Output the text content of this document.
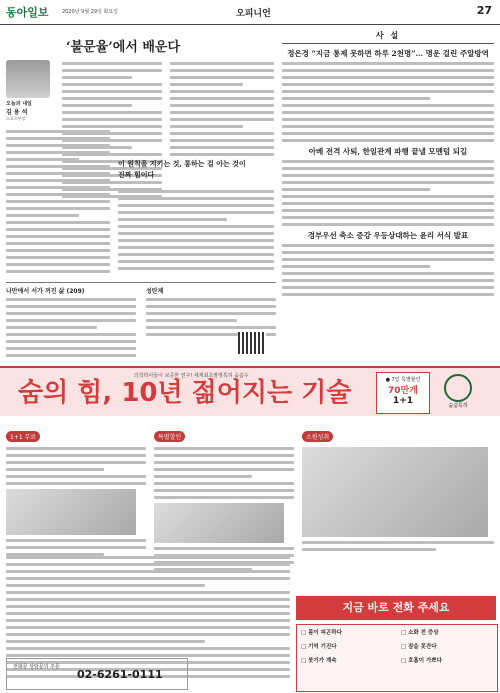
동아일보	2020년 9월 29일 화요일	오피니언	27
‘불문율’에서 배운다
오늘과 내일
김 용 석
스포츠부장
이 원칙을 지키는 것, 통하는 걸 아는 것이 진짜 힘이다
사 설
정은경 “지금 통제 못하면 하루 2천명”… 명운 걸린 주말방역
아베 전격 사퇴, 한일관계 파행 끝낼 모멘텀 되길
경부우선 축소 증강 우등상대하는 윤리 서식 발표
나만에서 서가 꺼진 삶 (209)	성탄제
숨의 힘, 10년 젊어지는 기술
의학박사들이 보증한 연구! 세계최초발명특허 숨쉼수
● 7일 특별할인
70만개
1+1	숨쉼특허
1+1 무료	특별할인	소원성취
전화문 상담문의 주문
02-6261-0111
지금 바로 전화 주세요
□ 몸이 피곤하다	□ 소화 전 증상
□ 기억 기진다	□ 잠을 못잔다
□ 붓기가 계속	□ 호흡이 가쁘다
